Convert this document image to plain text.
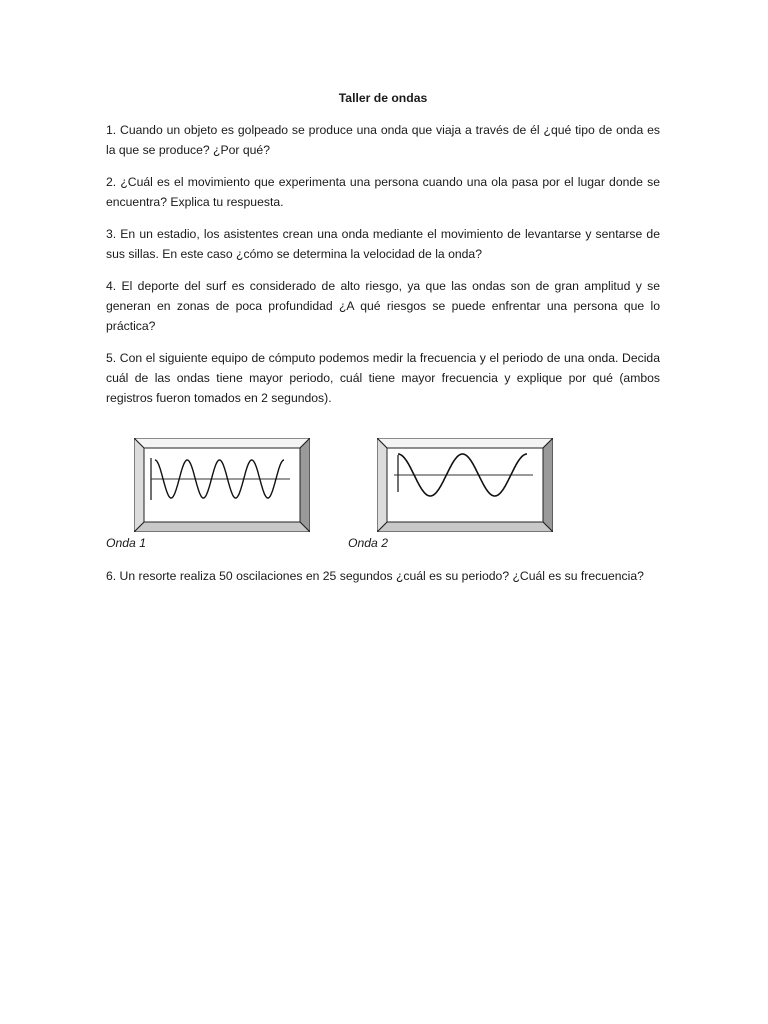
Taller de ondas

1. Cuando un objeto es golpeado se produce una onda que viaja a través de él ¿qué tipo de onda es la que se produce? ¿Por qué?

2. ¿Cuál es el movimiento que experimenta una persona cuando una ola pasa por el lugar donde se encuentra? Explica tu respuesta.

3. En un estadio, los asistentes crean una onda mediante el movimiento de levantarse y sentarse de sus sillas. En este caso ¿cómo se determina la velocidad de la onda?

4. El deporte del surf es considerado de alto riesgo, ya que las ondas son de gran amplitud y se generan en zonas de poca profundidad ¿A qué riesgos se puede enfrentar una persona que lo práctica?

5. Con el siguiente equipo de cómputo podemos medir la frecuencia y el periodo de una onda. Decida cuál de las ondas tiene mayor periodo, cuál tiene mayor frecuencia y explique por qué (ambos registros fueron tomados en 2 segundos).

Onda 1	Onda 2

6. Un resorte realiza 50 oscilaciones en 25 segundos ¿cuál es su periodo? ¿Cuál es su frecuencia?
